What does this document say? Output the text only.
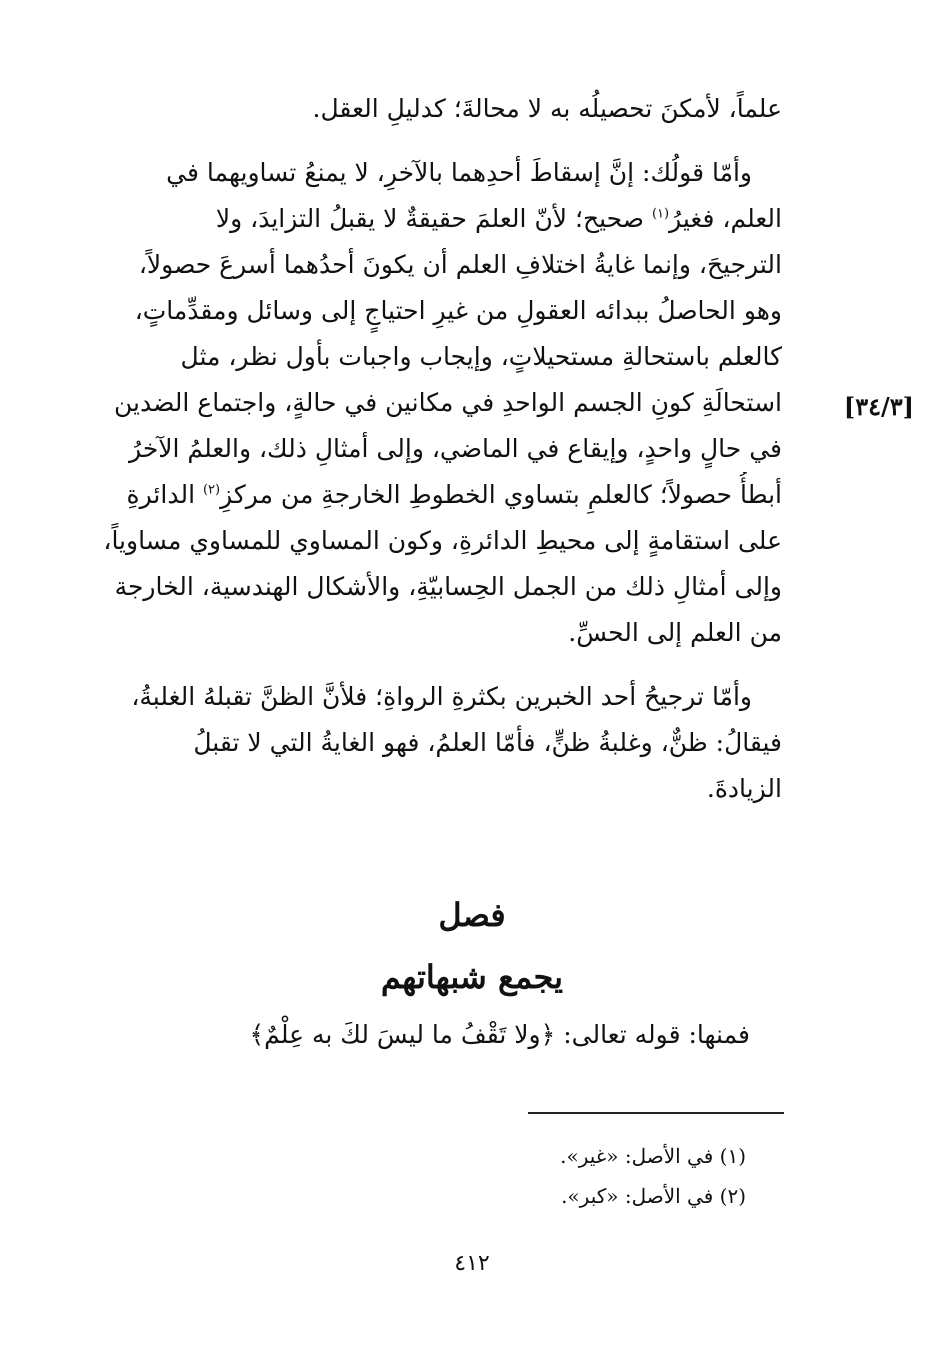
علماً، لأمكنَ تحصيلُه به لا محالةَ؛ كدليلِ العقل.
وأمّا قولُك: إنَّ إسقاطَ أحدِهما بالآخرِ، لا يمنعُ تساويهما في
العلم، فغيرُ$^{(١)}$ صحيح؛ لأنّ العلمَ حقيقةٌ لا يقبلُ التزايدَ، ولا
الترجيحَ، وإنما غايةُ اختلافِ العلم أن يكونَ أحدُهما أسرعَ حصولاً،
وهو الحاصلُ ببدائه العقولِ من غيرِ احتياجٍ إلى وسائل ومقدِّماتٍ،
كالعلم باستحالةِ مستحيلاتٍ، وإيجاب واجبات بأول نظر، مثل
استحالَةِ كونِ الجسم الواحدِ في مكانين في حالةٍ، واجتماع الضدين
في حالٍ واحدٍ، وإيقاع في الماضي، وإلى أمثالِ ذلك، والعلمُ الآخرُ
أبطأُ حصولاً؛ كالعلمِ بتساوي الخطوطِ الخارجةِ من مركزِ$^{(٢)}$ الدائرةِ
على استقامةٍ إلى محيطِ الدائرةِ، وكون المساوي للمساوي مساوياً،
وإلى أمثالِ ذلك من الجمل الحِسابيّةِ، والأشكال الهندسية، الخارجة
من العلم إلى الحسِّ.
[٣٤/٣]
وأمّا ترجيحُ أحد الخبرين بكثرةِ الرواةِ؛ فلأنَّ الظنَّ تقبلهُ الغلبةُ،
فيقالُ: ظنٌّ، وغلبةُ ظنٍّ، فأمّا العلمُ، فهو الغايةُ التي لا تقبلُ
الزيادةَ.
فصل
يجمع شبهاتهم
فمنها: قوله تعالى: ﴿ولا تَقْفُ ما ليسَ لكَ به عِلْمٌ﴾
(١) في الأصل: «غير».
(٢) في الأصل: «كبر».
٤١٢
